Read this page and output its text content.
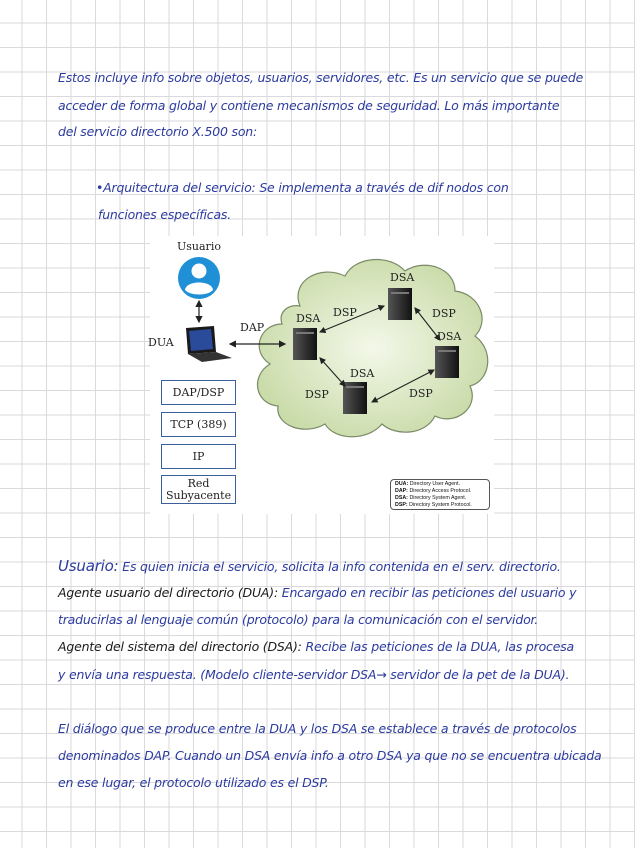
Estos incluye info sobre objetos, usuarios, servidores, etc. Es un servicio que se puede
acceder de forma global y contiene mecanismos de seguridad. Lo más importante
del servicio directorio X.500 son:
•Arquitectura del servicio: Se implementa a través de dif nodos con
funciones específicas.
Usuario
DUA
DAP
DSA
DSA
DSA
DSA
DSP	DSP
DSP	DSP
DAP/DSP
TCP (389)
IP
Red Subyacente
DUA: Directory User Agent.
DAP: Directory Access Protocol.
DSA: Directory System Agent.
DSP: Directory System Protocol.
Usuario: Es quien inicia el servicio, solicita la info contenida en el serv. directorio.
Agente usuario del directorio (DUA): Encargado en recibir las peticiones del usuario y
traducirlas al lenguaje común (protocolo) para la comunicación con el servidor.
Agente del sistema del directorio (DSA): Recibe las peticiones de la DUA, las procesa
y envía una respuesta. (Modelo cliente-servidor DSA→ servidor de la pet de la DUA).
El diálogo que se produce entre la DUA y los DSA se establece a través de protocolos
denominados DAP. Cuando un DSA envía info a otro DSA ya que no se encuentra ubicada
en ese lugar, el protocolo utilizado es el DSP.
